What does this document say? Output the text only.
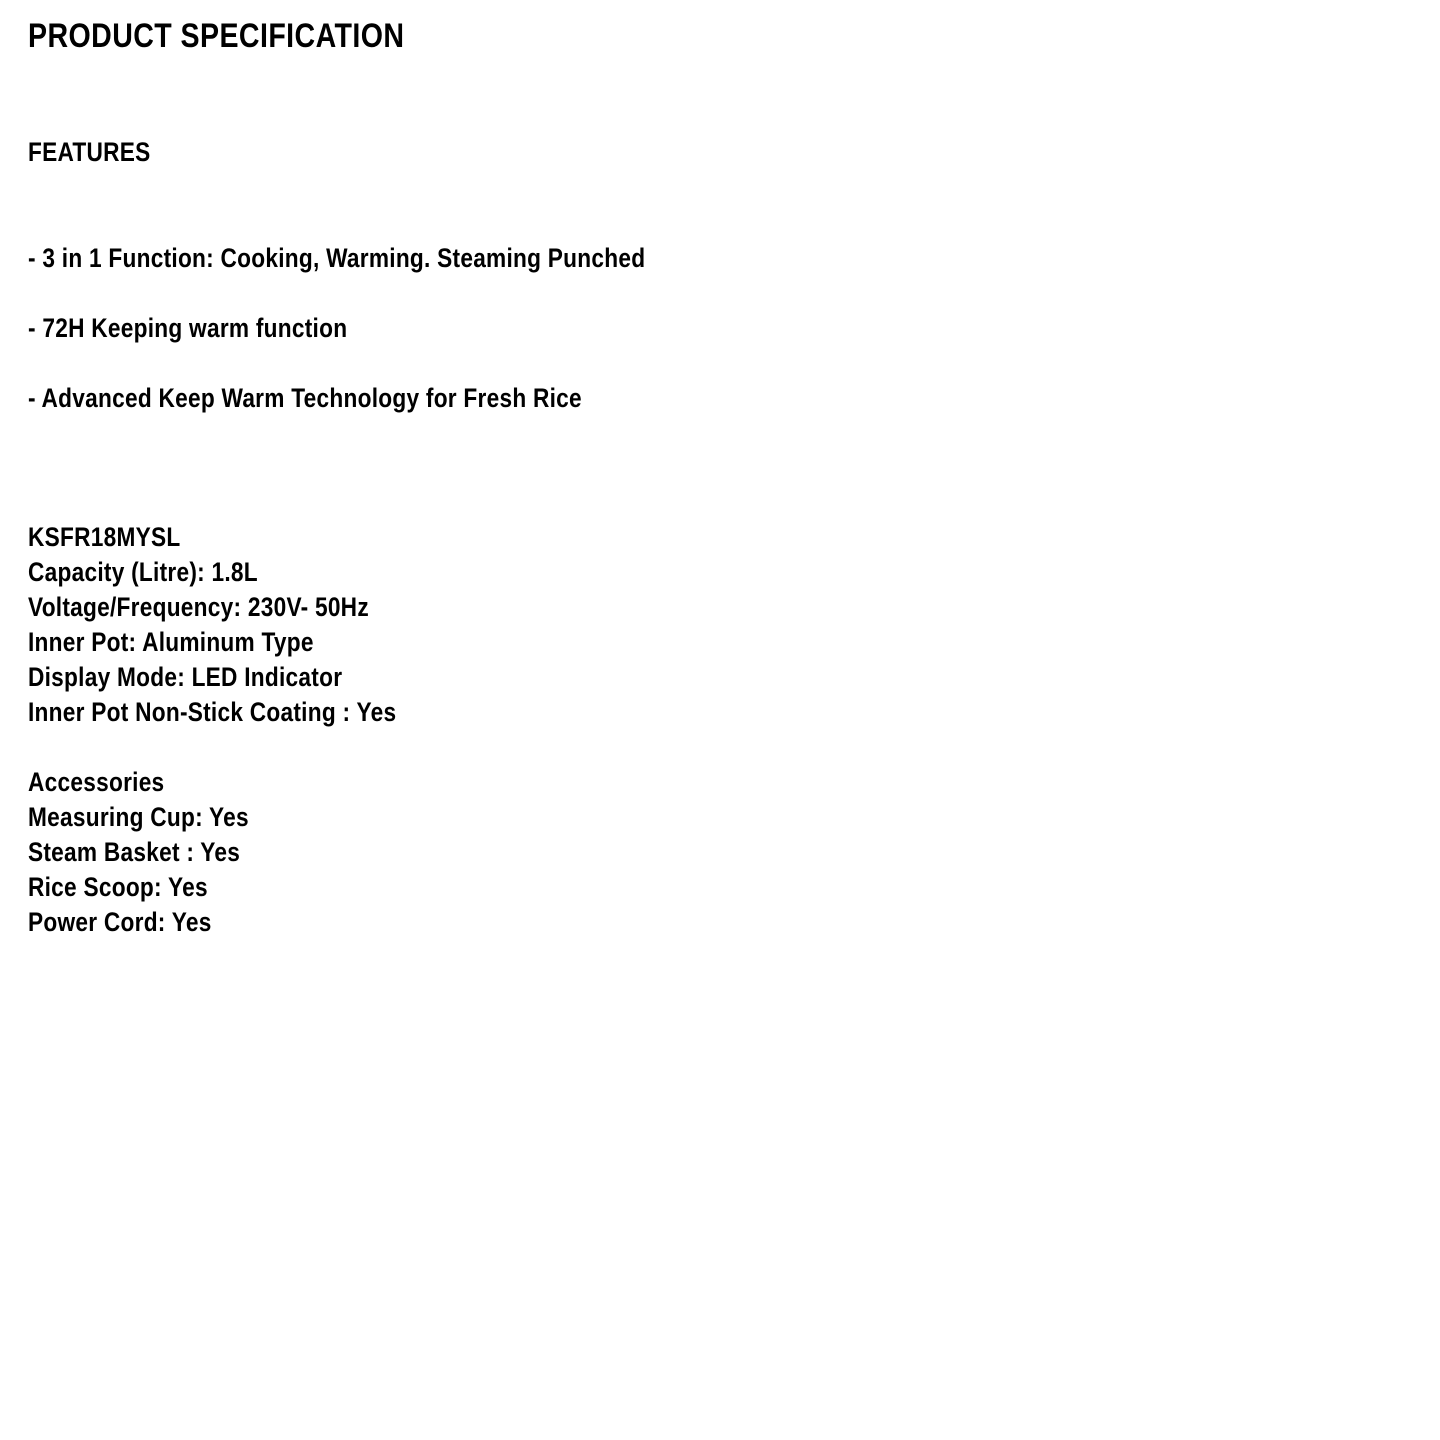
PRODUCT SPECIFICATION
FEATURES
- 3 in 1 Function: Cooking, Warming. Steaming Punched
- 72H Keeping warm function
- Advanced Keep Warm Technology for Fresh Rice
KSFR18MYSL
Capacity (Litre): 1.8L
Voltage/Frequency: 230V- 50Hz
Inner Pot: Aluminum Type
Display Mode: LED Indicator
Inner Pot Non-Stick Coating : Yes
Accessories
Measuring Cup: Yes
Steam Basket : Yes
Rice Scoop: Yes
Power Cord: Yes
